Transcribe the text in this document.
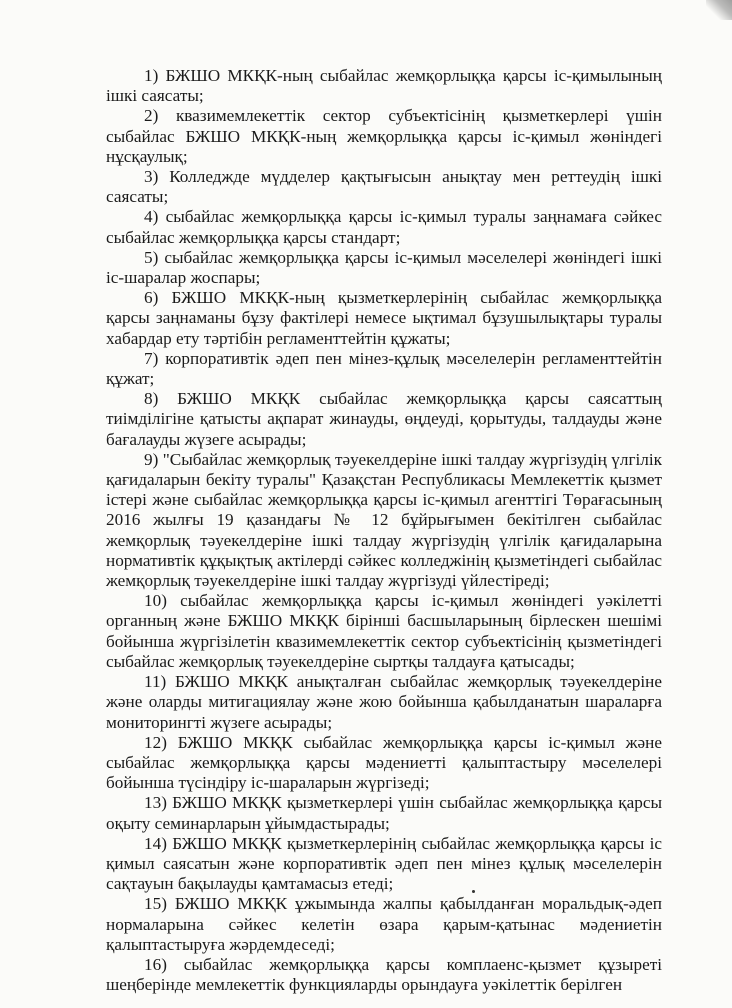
1) БЖШО МКҚК-ның сыбайлас жемқорлыққа қарсы іс-қимылының ішкі саясаты;

2) квазимемлекеттік сектор субъектісінің қызметкерлері үшін сыбайлас БЖШО МКҚК-ның жемқорлыққа қарсы іс-қимыл жөніндегі нұсқаулық;

3) Колледжде мүдделер қақтығысын анықтау мен реттеудің ішкі саясаты;

4) сыбайлас жемқорлыққа қарсы іс-қимыл туралы заңнамаға сәйкес сыбайлас жемқорлыққа қарсы стандарт;

5) сыбайлас жемқорлыққа қарсы іс-қимыл мәселелері жөніндегі ішкі іс-шаралар жоспары;

6) БЖШО МКҚК-ның қызметкерлерінің сыбайлас жемқорлыққа қарсы заңнаманы бұзу фактілері немесе ықтимал бұзушылықтары туралы хабардар ету тәртібін регламенттейтін құжаты;

7) корпоративтік әдеп пен мінез-құлық мәселелерін регламенттейтін құжат;

8) БЖШО МКҚК сыбайлас жемқорлыққа қарсы саясаттың тиімділігіне қатысты ақпарат жинауды, өңдеуді, қорытуды, талдауды және бағалауды жүзеге асырады;

9) "Сыбайлас жемқорлық тәуекелдеріне ішкі талдау жүргізудің үлгілік қағидаларын бекіту туралы" Қазақстан Республикасы Мемлекеттік қызмет істері және сыбайлас жемқорлыққа қарсы іс-қимыл агенттігі Төрағасының 2016 жылғы 19 қазандағы № 12 бұйрығымен бекітілген сыбайлас жемқорлық тәуекелдеріне ішкі талдау жүргізудің үлгілік қағидаларына нормативтік құқықтық актілерді сәйкес колледжінің қызметіндегі сыбайлас жемқорлық тәуекелдеріне ішкі талдау жүргізуді үйлестіреді;

10) сыбайлас жемқорлыққа қарсы іс-қимыл жөніндегі уәкілетті органның және БЖШО МКҚК бірінші басшыларының бірлескен шешімі бойынша жүргізілетін квазимемлекеттік сектор субъектісінің қызметіндегі сыбайлас жемқорлық тәуекелдеріне сыртқы талдауға қатысады;

11) БЖШО МКҚК анықталған сыбайлас жемқорлық тәуекелдеріне және оларды митигациялау және жою бойынша қабылданатын шараларға мониторингті жүзеге асырады;

12) БЖШО МКҚК сыбайлас жемқорлыққа қарсы іс-қимыл және сыбайлас жемқорлыққа қарсы мәдениетті қалыптастыру мәселелері бойынша түсіндіру іс-шараларын жүргізеді;

13) БЖШО МКҚК қызметкерлері үшін сыбайлас жемқорлыққа қарсы оқыту семинарларын ұйымдастырады;

14) БЖШО МКҚК қызметкерлерінің сыбайлас жемқорлыққа қарсы іс қимыл саясатын және корпоративтік әдеп пен мінез құлық мәселелерін сақтауын бақылауды қамтамасыз етеді;

15) БЖШО МКҚК ұжымында жалпы қабылданған моральдық-әдеп нормаларына сәйкес келетін өзара қарым-қатынас мәдениетін қалыптастыруға жәрдемдеседі;

16) сыбайлас жемқорлыққа қарсы комплаенс-қызмет құзыреті шеңберінде мемлекеттік функцияларды орындауға уәкілеттік берілген
